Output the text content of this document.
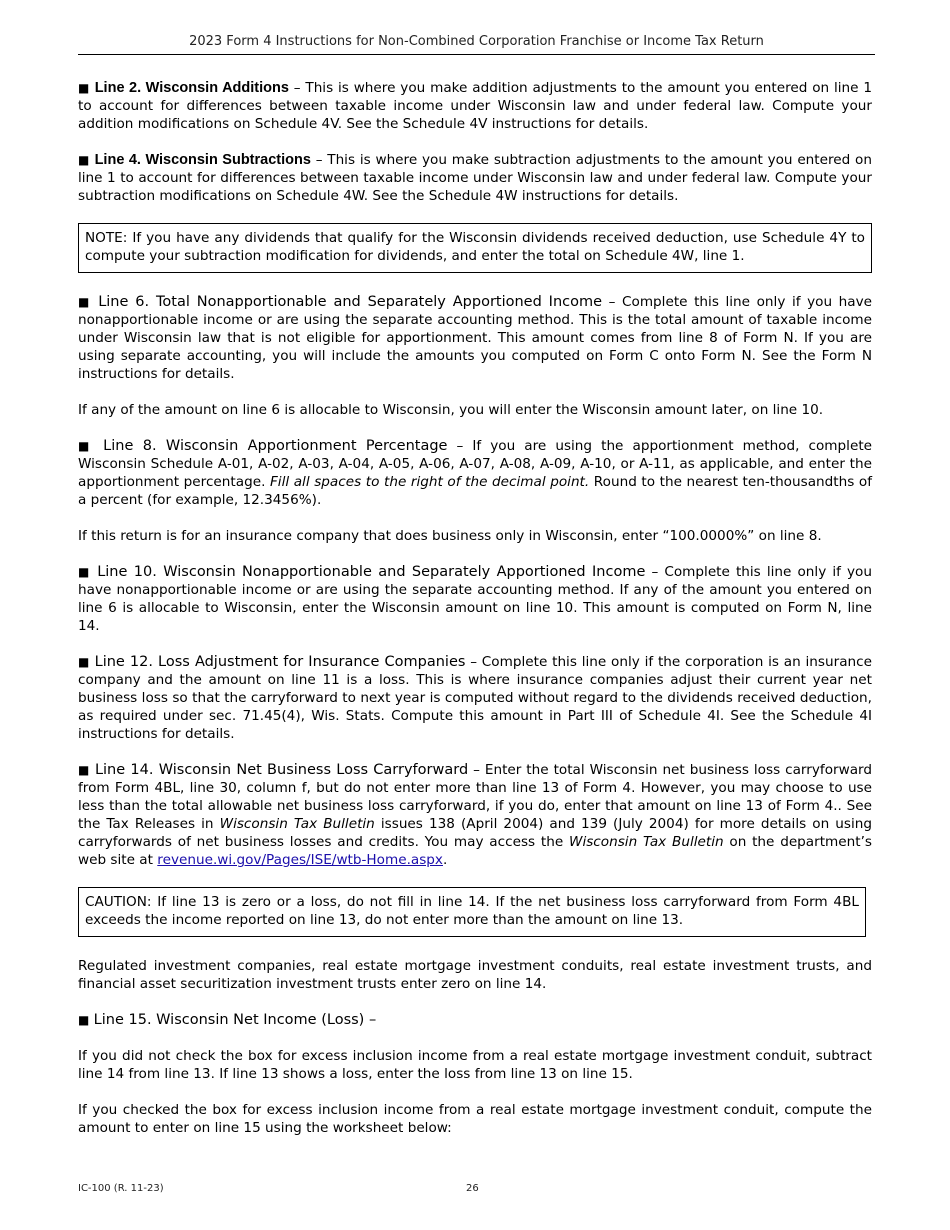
2023 Form 4 Instructions for Non-Combined Corporation Franchise or Income Tax Return

■ Line 2. Wisconsin Additions – This is where you make addition adjustments to the amount you entered on line 1 to account for differences between taxable income under Wisconsin law and under federal law. Compute your addition modifications on Schedule 4V. See the Schedule 4V instructions for details.

■ Line 4. Wisconsin Subtractions – This is where you make subtraction adjustments to the amount you entered on line 1 to account for differences between taxable income under Wisconsin law and under federal law. Compute your subtraction modifications on Schedule 4W. See the Schedule 4W instructions for details.

NOTE: If you have any dividends that qualify for the Wisconsin dividends received deduction, use Schedule 4Y to compute your subtraction modification for dividends, and enter the total on Schedule 4W, line 1.

■ Line 6. Total Nonapportionable and Separately Apportioned Income – Complete this line only if you have nonapportionable income or are using the separate accounting method. This is the total amount of taxable income under Wisconsin law that is not eligible for apportionment. This amount comes from line 8 of Form N. If you are using separate accounting, you will include the amounts you computed on Form C onto Form N. See the Form N instructions for details.

If any of the amount on line 6 is allocable to Wisconsin, you will enter the Wisconsin amount later, on line 10.

■ Line 8. Wisconsin Apportionment Percentage – If you are using the apportionment method, complete Wisconsin Schedule A-01, A-02, A-03, A-04, A-05, A-06, A-07, A-08, A-09, A-10, or A-11, as applicable, and enter the apportionment percentage. Fill all spaces to the right of the decimal point. Round to the nearest ten-thousandths of a percent (for example, 12.3456%).

If this return is for an insurance company that does business only in Wisconsin, enter “100.0000%” on line 8.

■ Line 10. Wisconsin Nonapportionable and Separately Apportioned Income – Complete this line only if you have nonapportionable income or are using the separate accounting method. If any of the amount you entered on line 6 is allocable to Wisconsin, enter the Wisconsin amount on line 10. This amount is computed on Form N, line 14.

■ Line 12. Loss Adjustment for Insurance Companies – Complete this line only if the corporation is an insurance company and the amount on line 11 is a loss. This is where insurance companies adjust their current year net business loss so that the carryforward to next year is computed without regard to the dividends received deduction, as required under sec. 71.45(4), Wis. Stats. Compute this amount in Part III of Schedule 4I. See the Schedule 4I instructions for details.

■ Line 14. Wisconsin Net Business Loss Carryforward – Enter the total Wisconsin net business loss carryforward from Form 4BL, line 30, column f, but do not enter more than line 13 of Form 4. However, you may choose to use less than the total allowable net business loss carryforward, if you do, enter that amount on line 13 of Form 4.. See the Tax Releases in Wisconsin Tax Bulletin issues 138 (April 2004) and 139 (July 2004) for more details on using carryforwards of net business losses and credits. You may access the Wisconsin Tax Bulletin on the department’s web site at revenue.wi.gov/Pages/ISE/wtb-Home.aspx.

CAUTION: If line 13 is zero or a loss, do not fill in line 14. If the net business loss carryforward from Form 4BL exceeds the income reported on line 13, do not enter more than the amount on line 13.

Regulated investment companies, real estate mortgage investment conduits, real estate investment trusts, and financial asset securitization investment trusts enter zero on line 14.

■ Line 15. Wisconsin Net Income (Loss) –

If you did not check the box for excess inclusion income from a real estate mortgage investment conduit, subtract line 14 from line 13. If line 13 shows a loss, enter the loss from line 13 on line 15.

If you checked the box for excess inclusion income from a real estate mortgage investment conduit, compute the amount to enter on line 15 using the worksheet below:

IC-100 (R. 11-23)	26
